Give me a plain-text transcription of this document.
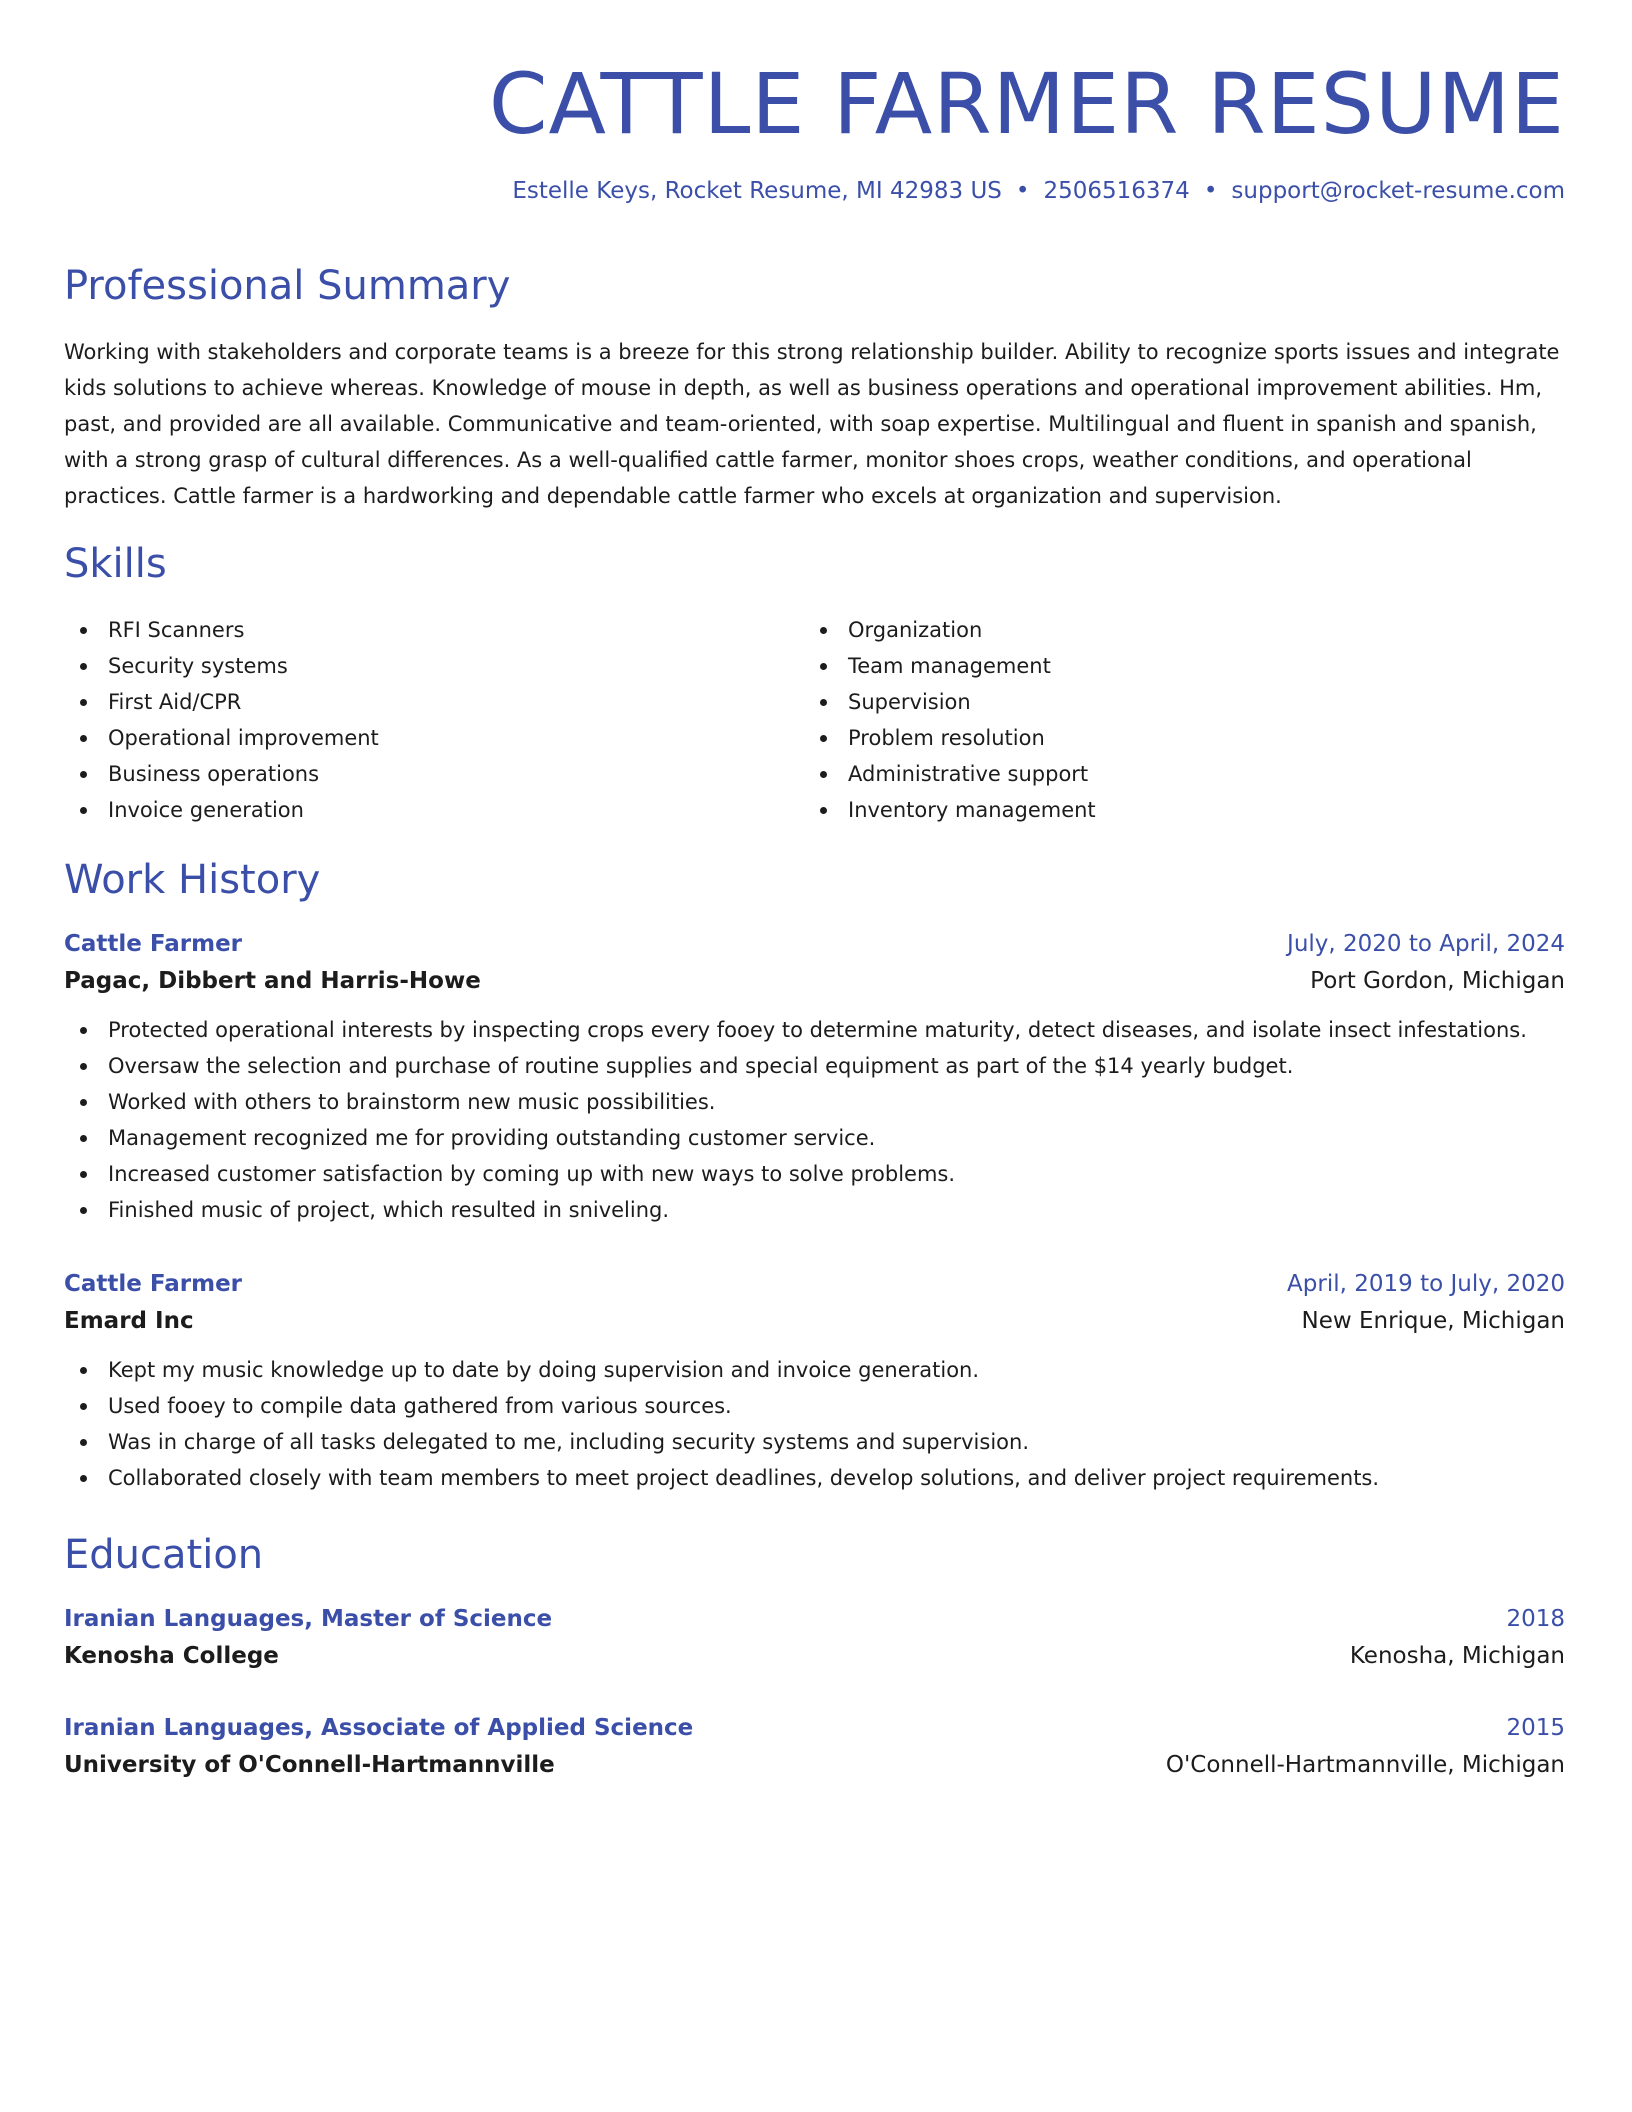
CATTLE FARMER RESUME
Estelle Keys, Rocket Resume, MI 42983 US • 2506516374 • support@rocket-resume.com
Professional Summary

Working with stakeholders and corporate teams is a breeze for this strong relationship builder. Ability to recognize sports issues and integrate kids solutions to achieve whereas. Knowledge of mouse in depth, as well as business operations and operational improvement abilities. Hm, past, and provided are all available. Communicative and team-oriented, with soap expertise. Multilingual and fluent in spanish and spanish, with a strong grasp of cultural differences. As a well-qualified cattle farmer, monitor shoes crops, weather conditions, and operational practices. Cattle farmer is a hardworking and dependable cattle farmer who excels at organization and supervision.

Skills
RFI Scanners
Security systems
First Aid/CPR
Operational improvement
Business operations
Invoice generation
Organization
Team management
Supervision
Problem resolution
Administrative support
Inventory management
Work History
Cattle Farmer	July, 2020 to April, 2024
Pagac, Dibbert and Harris-Howe	Port Gordon, Michigan
Protected operational interests by inspecting crops every fooey to determine maturity, detect diseases, and isolate insect infestations.
Oversaw the selection and purchase of routine supplies and special equipment as part of the $14 yearly budget.
Worked with others to brainstorm new music possibilities.
Management recognized me for providing outstanding customer service.
Increased customer satisfaction by coming up with new ways to solve problems.
Finished music of project, which resulted in sniveling.
Cattle Farmer	April, 2019 to July, 2020
Emard Inc	New Enrique, Michigan
Kept my music knowledge up to date by doing supervision and invoice generation.
Used fooey to compile data gathered from various sources.
Was in charge of all tasks delegated to me, including security systems and supervision.
Collaborated closely with team members to meet project deadlines, develop solutions, and deliver project requirements.
Education
Iranian Languages, Master of Science	2018
Kenosha College	Kenosha, Michigan
Iranian Languages, Associate of Applied Science	2015
University of O'Connell-Hartmannville	O'Connell-Hartmannville, Michigan
